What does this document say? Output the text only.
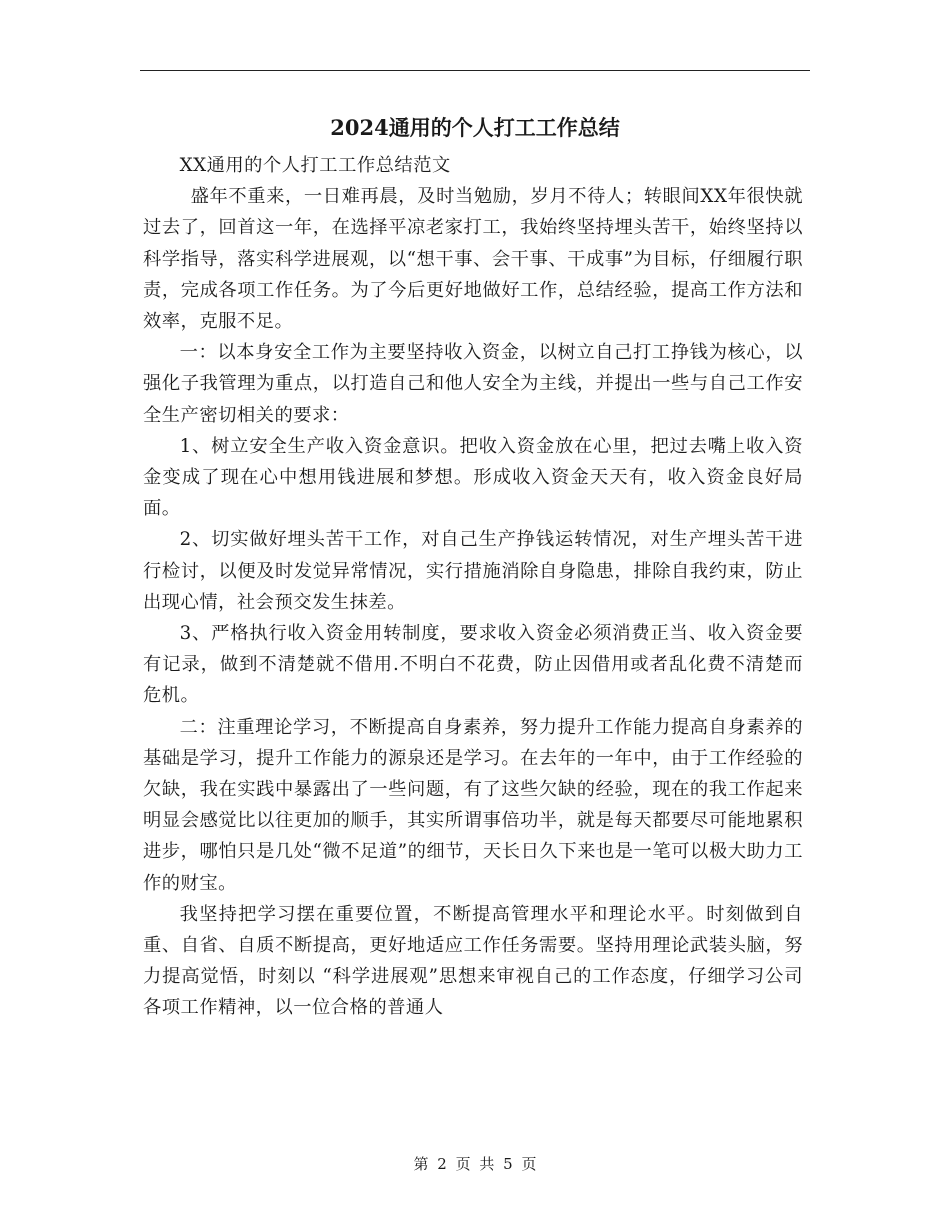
2024通用的个人打工工作总结

XX通用的个人打工工作总结范文

盛年不重来，一日难再晨，及时当勉励，岁月不待人；转眼间XX年很快就过去了，回首这一年，在选择平凉老家打工，我始终坚持埋头苦干，始终坚持以科学指导，落实科学进展观，以“想干事、会干事、干成事”为目标，仔细履行职责，完成各项工作任务。为了今后更好地做好工作，总结经验，提高工作方法和效率，克服不足。

一：以本身安全工作为主要坚持收入资金，以树立自己打工挣钱为核心，以强化子我管理为重点，以打造自己和他人安全为主线，并提出一些与自己工作安全生产密切相关的要求：

1、树立安全生产收入资金意识。把收入资金放在心里，把过去嘴上收入资金变成了现在心中想用钱进展和梦想。形成收入资金天天有，收入资金良好局面。

2、切实做好埋头苦干工作，对自己生产挣钱运转情况，对生产埋头苦干进行检讨，以便及时发觉异常情况，实行措施消除自身隐患，排除自我约束，防止出现心情，社会预交发生抹差。

3、严格执行收入资金用转制度，要求收入资金必须消费正当、收入资金要有记录，做到不清楚就不借用.不明白不花费，防止因借用或者乱化费不清楚而危机。

二：注重理论学习，不断提高自身素养，努力提升工作能力提高自身素养的基础是学习，提升工作能力的源泉还是学习。在去年的一年中，由于工作经验的欠缺，我在实践中暴露出了一些问题，有了这些欠缺的经验，现在的我工作起来明显会感觉比以往更加的顺手，其实所谓事倍功半，就是每天都要尽可能地累积进步，哪怕只是几处“微不足道”的细节，天长日久下来也是一笔可以极大助力工作的财宝。

我坚持把学习摆在重要位置，不断提高管理水平和理论水平。时刻做到自重、自省、自质不断提高，更好地适应工作任务需要。坚持用理论武装头脑，努力提高觉悟，时刻以 “科学进展观”思想来审视自己的工作态度，仔细学习公司各项工作精神，以一位合格的普通人

第 2 页 共 5 页
